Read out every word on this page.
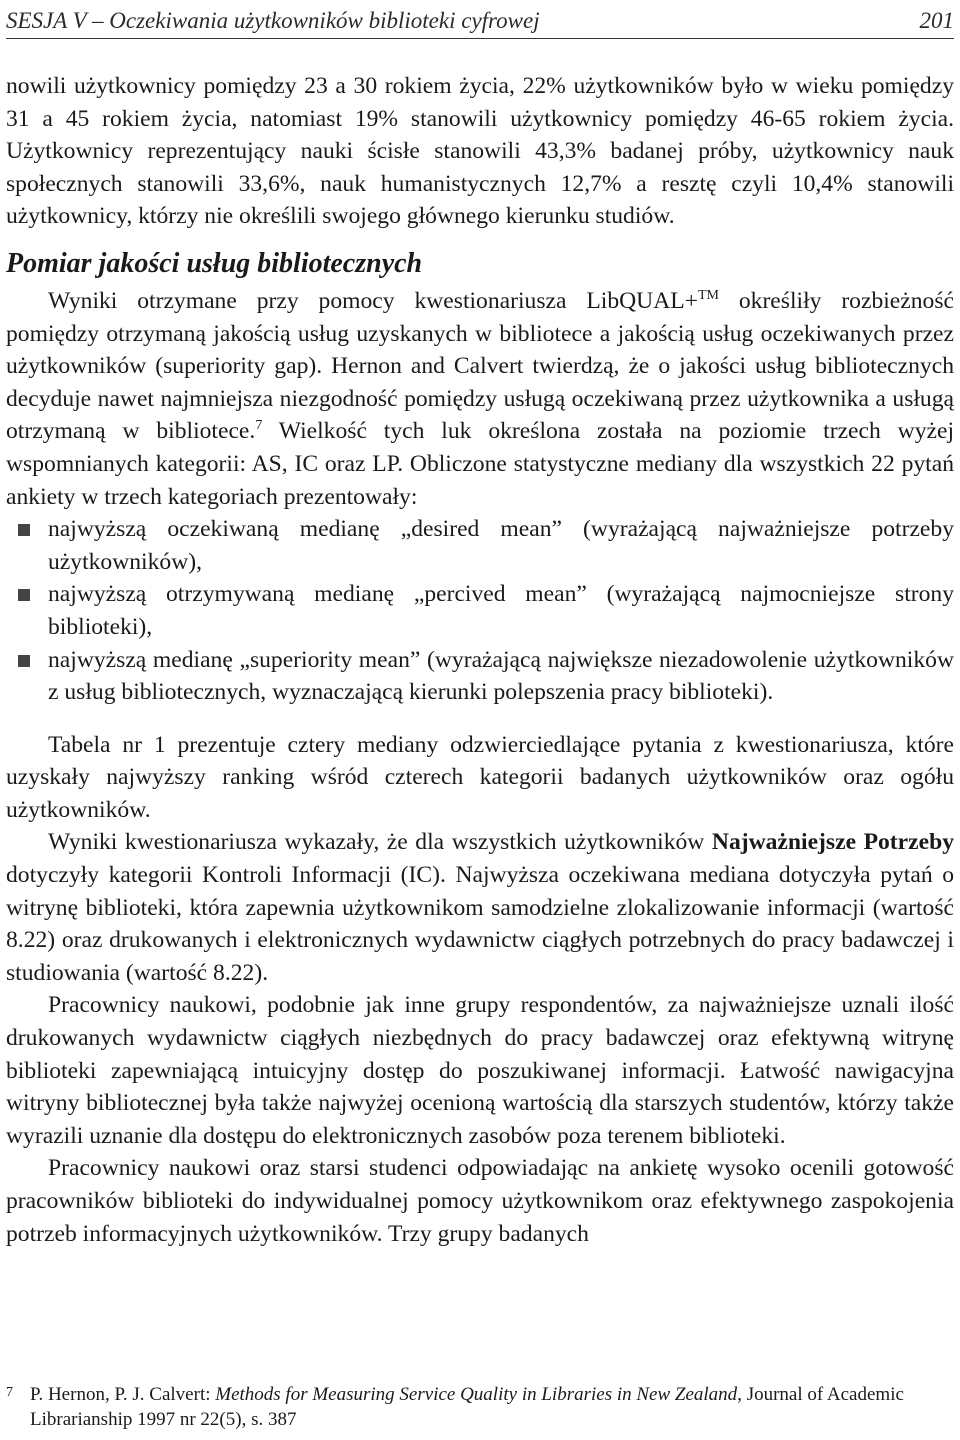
SESJA V – Oczekiwania użytkowników biblioteki cyfrowej	201

nowili użytkownicy pomiędzy 23 a 30 rokiem życia, 22% użytkowników było w wieku pomiędzy 31 a 45 rokiem życia, natomiast 19% stanowili użytkownicy pomiędzy 46-65 rokiem życia. Użytkownicy reprezentujący nauki ścisłe stanowili 43,3% badanej próby, użytkownicy nauk społecznych stanowili 33,6%, nauk humanistycznych 12,7% a resztę czyli 10,4% stanowili użytkownicy, którzy nie określili swojego głównego kierunku studiów.

Pomiar jakości usług bibliotecznych

Wyniki otrzymane przy pomocy kwestionariusza LibQUAL+™ określiły rozbieżność pomiędzy otrzymaną jakością usług uzyskanych w bibliotece a jakością usług oczekiwanych przez użytkowników (superiority gap). Hernon and Calvert twierdzą, że o jakości usług bibliotecznych decyduje nawet najmniejsza niezgodność pomiędzy usługą oczekiwaną przez użytkownika a usługą otrzymaną w bibliotece.$^7$ Wielkość tych luk określona została na poziomie trzech wyżej wspomnianych kategorii: AS, IC oraz LP. Obliczone statystyczne mediany dla wszystkich 22 pytań ankiety w trzech kategoriach prezentowały:

najwyższą oczekiwaną medianę „desired mean” (wyrażającą najważniejsze potrzeby użytkowników),
najwyższą otrzymywaną medianę „percived mean” (wyrażającą najmocniejsze strony biblioteki),
najwyższą medianę „superiority mean” (wyrażającą największe niezadowolenie użytkowników z usług bibliotecznych, wyznaczającą kierunki polepszenia pracy biblioteki).

Tabela nr 1 prezentuje cztery mediany odzwierciedlające pytania z kwestionariusza, które uzyskały najwyższy ranking wśród czterech kategorii badanych użytkowników oraz ogółu użytkowników.

Wyniki kwestionariusza wykazały, że dla wszystkich użytkowników Najważniejsze Potrzeby dotyczyły kategorii Kontroli Informacji (IC). Najwyższa oczekiwana mediana dotyczyła pytań o witrynę biblioteki, która zapewnia użytkownikom samodzielne zlokalizowanie informacji (wartość 8.22) oraz drukowanych i elektronicznych wydawnictw ciągłych potrzebnych do pracy badawczej i studiowania (wartość 8.22).

Pracownicy naukowi, podobnie jak inne grupy respondentów, za najważniejsze uznali ilość drukowanych wydawnictw ciągłych niezbędnych do pracy badawczej oraz efektywną witrynę biblioteki zapewniającą intuicyjny dostęp do poszukiwanej informacji. Łatwość nawigacyjna witryny bibliotecznej była także najwyżej ocenioną wartością dla starszych studentów, którzy także wyrazili uznanie dla dostępu do elektronicznych zasobów poza terenem biblioteki.

Pracownicy naukowi oraz starsi studenci odpowiadając na ankietę wysoko ocenili gotowość pracowników biblioteki do indywidualnej pomocy użytkownikom oraz efektywnego zaspokojenia potrzeb informacyjnych użytkowników. Trzy grupy badanych

7 P. Hernon, P. J. Calvert: Methods for Measuring Service Quality in Libraries in New Zealand, Journal of Academic Librarianship 1997 nr 22(5), s. 387
